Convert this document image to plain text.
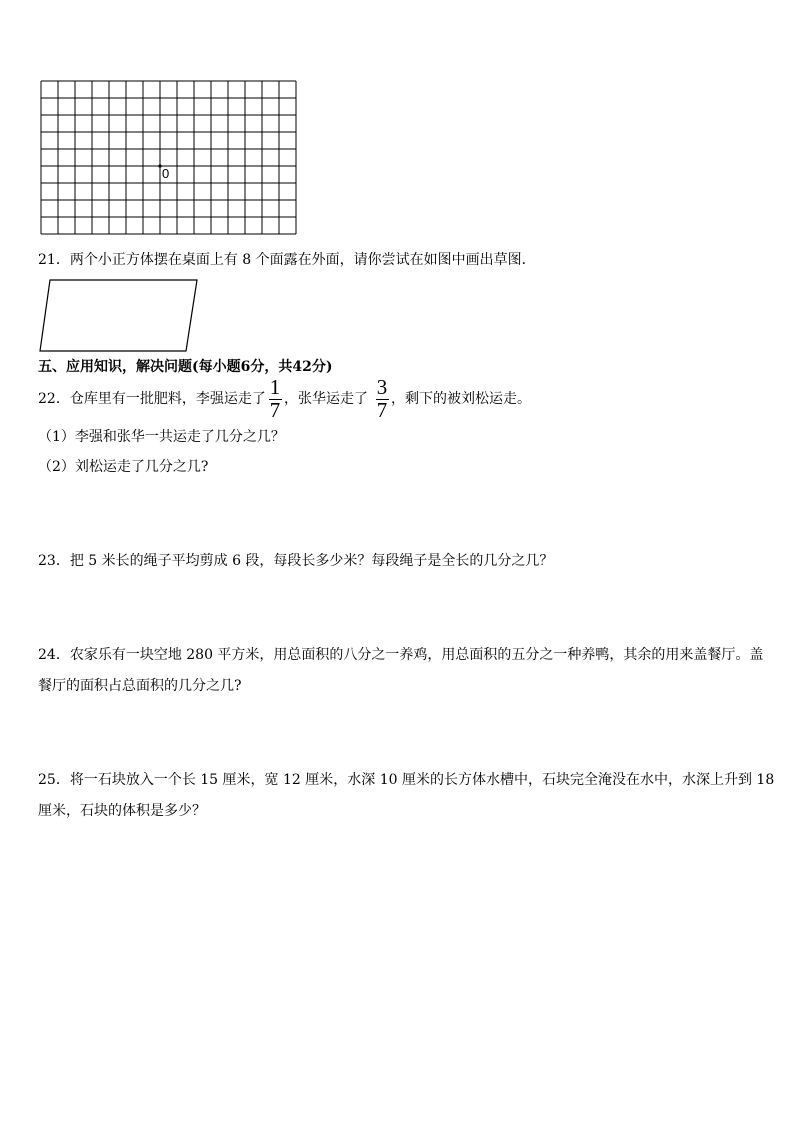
0
21．两个小正方体摆在桌面上有 8 个面露在外面，请你尝试在如图中画出草图．
五、应用知识，解决问题(每小题6分，共42分)
22．仓库里有一批肥料，李强运走了 1
7 ，张华运走了 3
7 ，剩下的被刘松运走。
（1）李强和张华一共运走了几分之几？
（2）刘松运走了几分之几?
23．把 5 米长的绳子平均剪成 6 段，每段长多少米？每段绳子是全长的几分之几？
24．农家乐有一块空地 280 平方米，用总面积的八分之一养鸡，用总面积的五分之一种养鸭，其余的用来盖餐厅。盖
餐厅的面积占总面积的几分之几?
25．将一石块放入一个长 15 厘米，宽 12 厘米，水深 10 厘米的长方体水槽中，石块完全淹没在水中，水深上升到 18
厘米，石块的体积是多少？
